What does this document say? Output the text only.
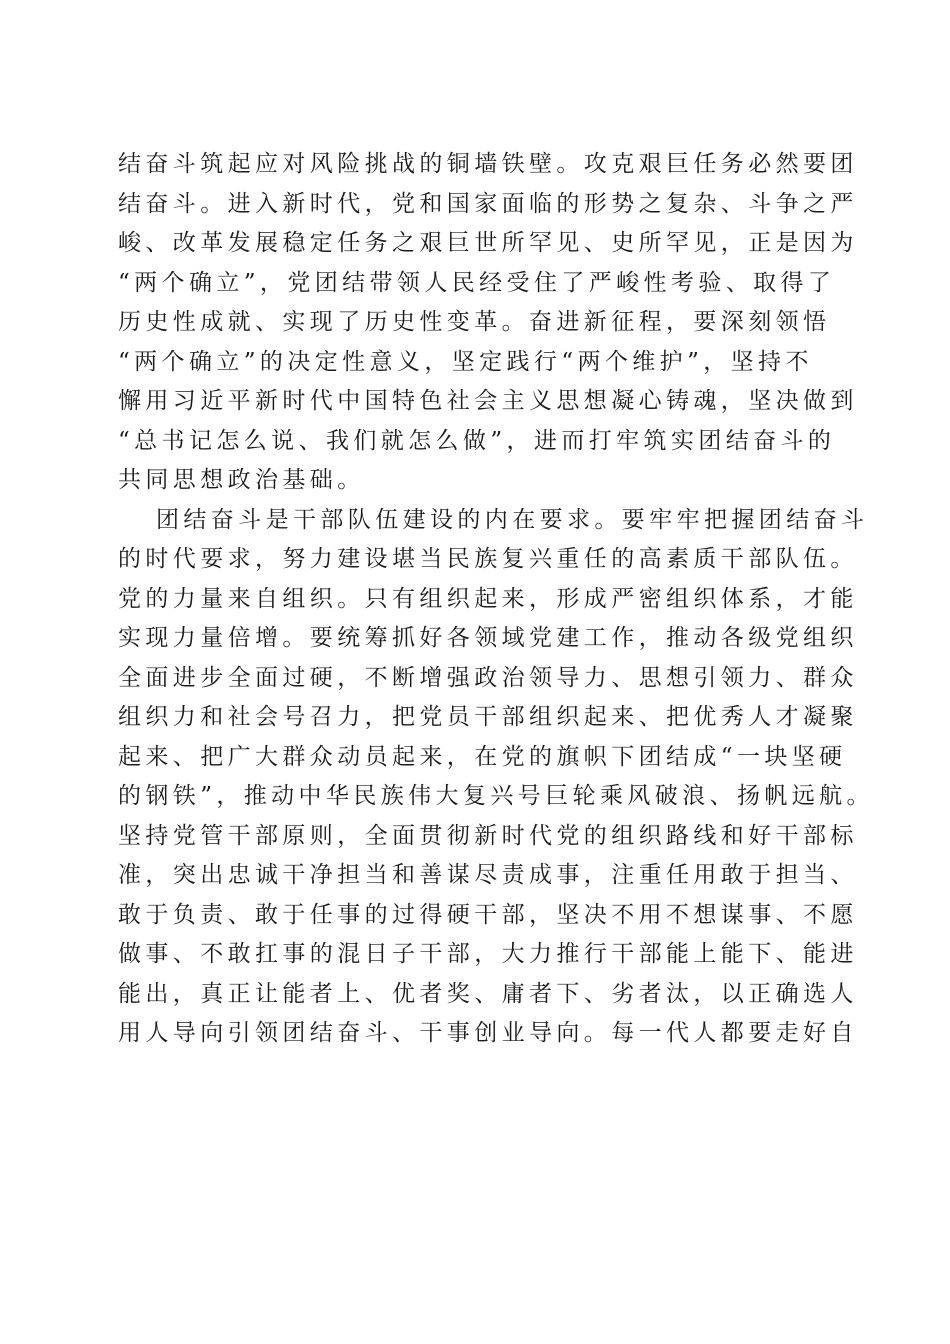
结奋斗筑起应对风险挑战的铜墙铁壁。攻克艰巨任务必然要团
结奋斗。进入新时代，党和国家面临的形势之复杂、斗争之严
峻、改革发展稳定任务之艰巨世所罕见、史所罕见，正是因为
“两个确立”，党团结带领人民经受住了严峻性考验、取得了
历史性成就、实现了历史性变革。奋进新征程，要深刻领悟
“两个确立”的决定性意义，坚定践行“两个维护”，坚持不
懈用习近平新时代中国特色社会主义思想凝心铸魂，坚决做到
“总书记怎么说、我们就怎么做”，进而打牢筑实团结奋斗的
共同思想政治基础。
团结奋斗是干部队伍建设的内在要求。要牢牢把握团结奋斗
的时代要求，努力建设堪当民族复兴重任的高素质干部队伍。
党的力量来自组织。只有组织起来，形成严密组织体系，才能
实现力量倍增。要统筹抓好各领域党建工作，推动各级党组织
全面进步全面过硬，不断增强政治领导力、思想引领力、群众
组织力和社会号召力，把党员干部组织起来、把优秀人才凝聚
起来、把广大群众动员起来，在党的旗帜下团结成“一块坚硬
的钢铁”，推动中华民族伟大复兴号巨轮乘风破浪、扬帆远航。
坚持党管干部原则，全面贯彻新时代党的组织路线和好干部标
准，突出忠诚干净担当和善谋尽责成事，注重任用敢于担当、
敢于负责、敢于任事的过得硬干部，坚决不用不想谋事、不愿
做事、不敢扛事的混日子干部，大力推行干部能上能下、能进
能出，真正让能者上、优者奖、庸者下、劣者汰，以正确选人
用人导向引领团结奋斗、干事创业导向。每一代人都要走好自
